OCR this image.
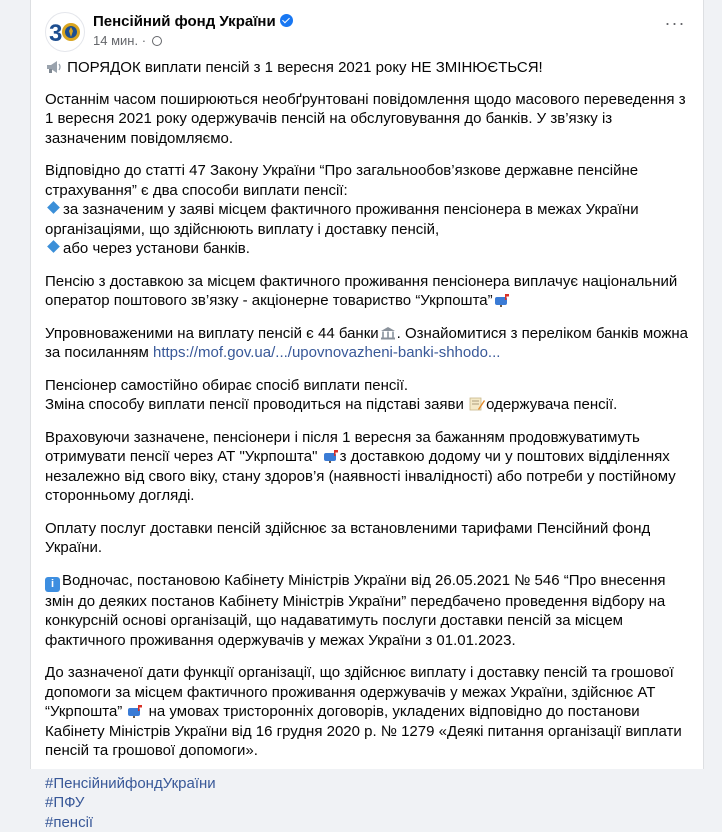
3 Пенсійний фонд України
14 мин. ·
···

ПОРЯДОК виплати пенсій з 1 вересня 2021 року НЕ ЗМІНЮЄТЬСЯ!

Останнім часом поширюються необґрунтовані повідомлення щодо масового переведення з 1 вересня 2021 року одержувачів пенсій на обслуговування до банків. У зв’язку із зазначеним повідомляємо.

Відповідно до статті 47 Закону України “Про загальнообов’язкове державне пенсійне страхування” є два способи виплати пенсії:
за зазначеним у заяві місцем фактичного проживання пенсіонера в межах України організаціями, що здійснюють виплату і доставку пенсій,
або через установи банків.

Пенсію з доставкою за місцем фактичного проживання пенсіонера виплачує національний оператор поштового зв’язку - акціонерне товариство “Укрпошта”

Упровноваженими на виплату пенсій є 44 банки . Ознайомитися з переліком банків можна за посиланням https://mof.gov.ua/.../upovnovazheni-banki-shhodo...

Пенсіонер самостійно обирає спосіб виплати пенсії.
Зміна способу виплати пенсії проводиться на підставі заяви одержувача пенсії.

Враховуючи зазначене, пенсіонери і після 1 вересня за бажанням продовжуватимуть отримувати пенсії через АТ "Укрпошта" з доставкою додому чи у поштових відділеннях незалежно від свого віку, стану здоров’я (наявності інвалідності) або потреби у постійному сторонньому догляді.

Оплату послуг доставки пенсій здійснює за встановленими тарифами Пенсійний фонд України.

i Водночас, постановою Кабінету Міністрів України від 26.05.2021 № 546 “Про внесення змін до деяких постанов Кабінету Міністрів України” передбачено проведення відбору на конкурсній основі організацій, що надаватимуть послуги доставки пенсій за місцем фактичного проживання одержувачів у межах України з 01.01.2023.

До зазначеної дати функції організації, що здійснює виплату і доставку пенсій та грошової допомоги за місцем фактичного проживання одержувачів у межах України, здійснює АТ “Укрпошта”  на умовах тристоронніх договорів, укладених відповідно до постанови Кабінету Міністрів України від 16 грудня 2020 р. № 1279 «Деякі питання організації виплати пенсій та грошової допомоги».

#ПенсійнийфондУкраїни
#ПФУ
#пенсії
